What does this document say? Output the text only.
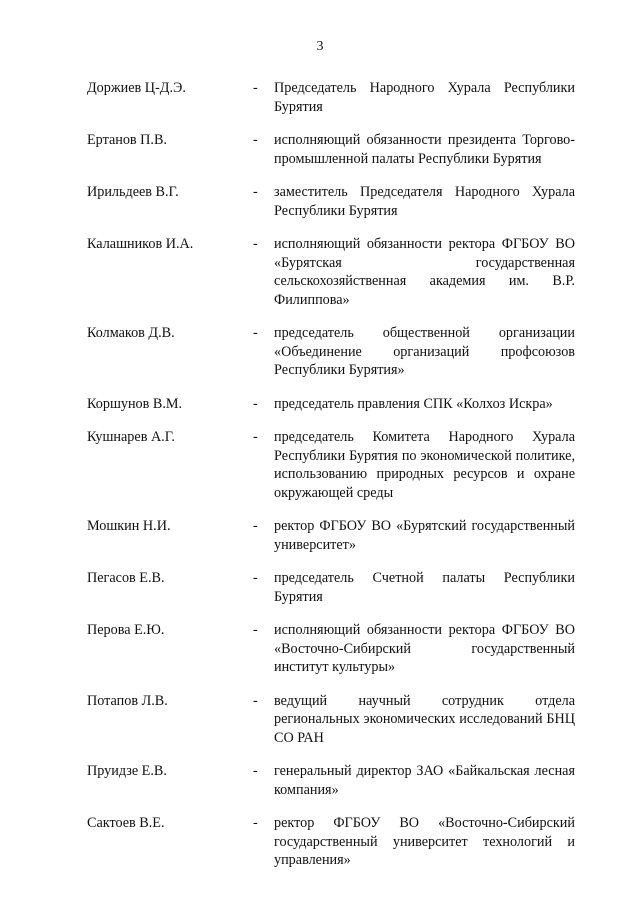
3
Доржиев Ц-Д.Э.	-	Председатель Народного Хурала Республики Бурятия
Ертанов П.В.	-	исполняющий обязанности президента Торгово-промышленной палаты Республики Бурятия
Ирильдеев В.Г.	-	заместитель Председателя Народного Хурала Республики Бурятия
Калашников И.А.	-	исполняющий обязанности ректора ФГБОУ ВО «Бурятская государственная сельскохозяйственная академия им. В.Р. Филиппова»
Колмаков Д.В.	-	председатель общественной организации «Объединение организаций профсоюзов Республики Бурятия»
Коршунов В.М.	-	председатель правления СПК «Колхоз Искра»
Кушнарев А.Г.	-	председатель Комитета Народного Хурала Республики Бурятия по экономической политике, использованию природных ресурсов и охране окружающей среды
Мошкин Н.И.	-	ректор ФГБОУ ВО «Бурятский государственный университет»
Пегасов Е.В.	-	председатель Счетной палаты Республики Бурятия
Перова Е.Ю.	-	исполняющий обязанности ректора ФГБОУ ВО «Восточно-Сибирский государственный институт культуры»
Потапов Л.В.	-	ведущий научный сотрудник отдела региональных экономических исследований БНЦ СО РАН
Пруидзе Е.В.	-	генеральный директор ЗАО «Байкальская лесная компания»
Сактоев В.Е.	-	ректор ФГБОУ ВО «Восточно-Сибирский государственный университет технологий и управления»
